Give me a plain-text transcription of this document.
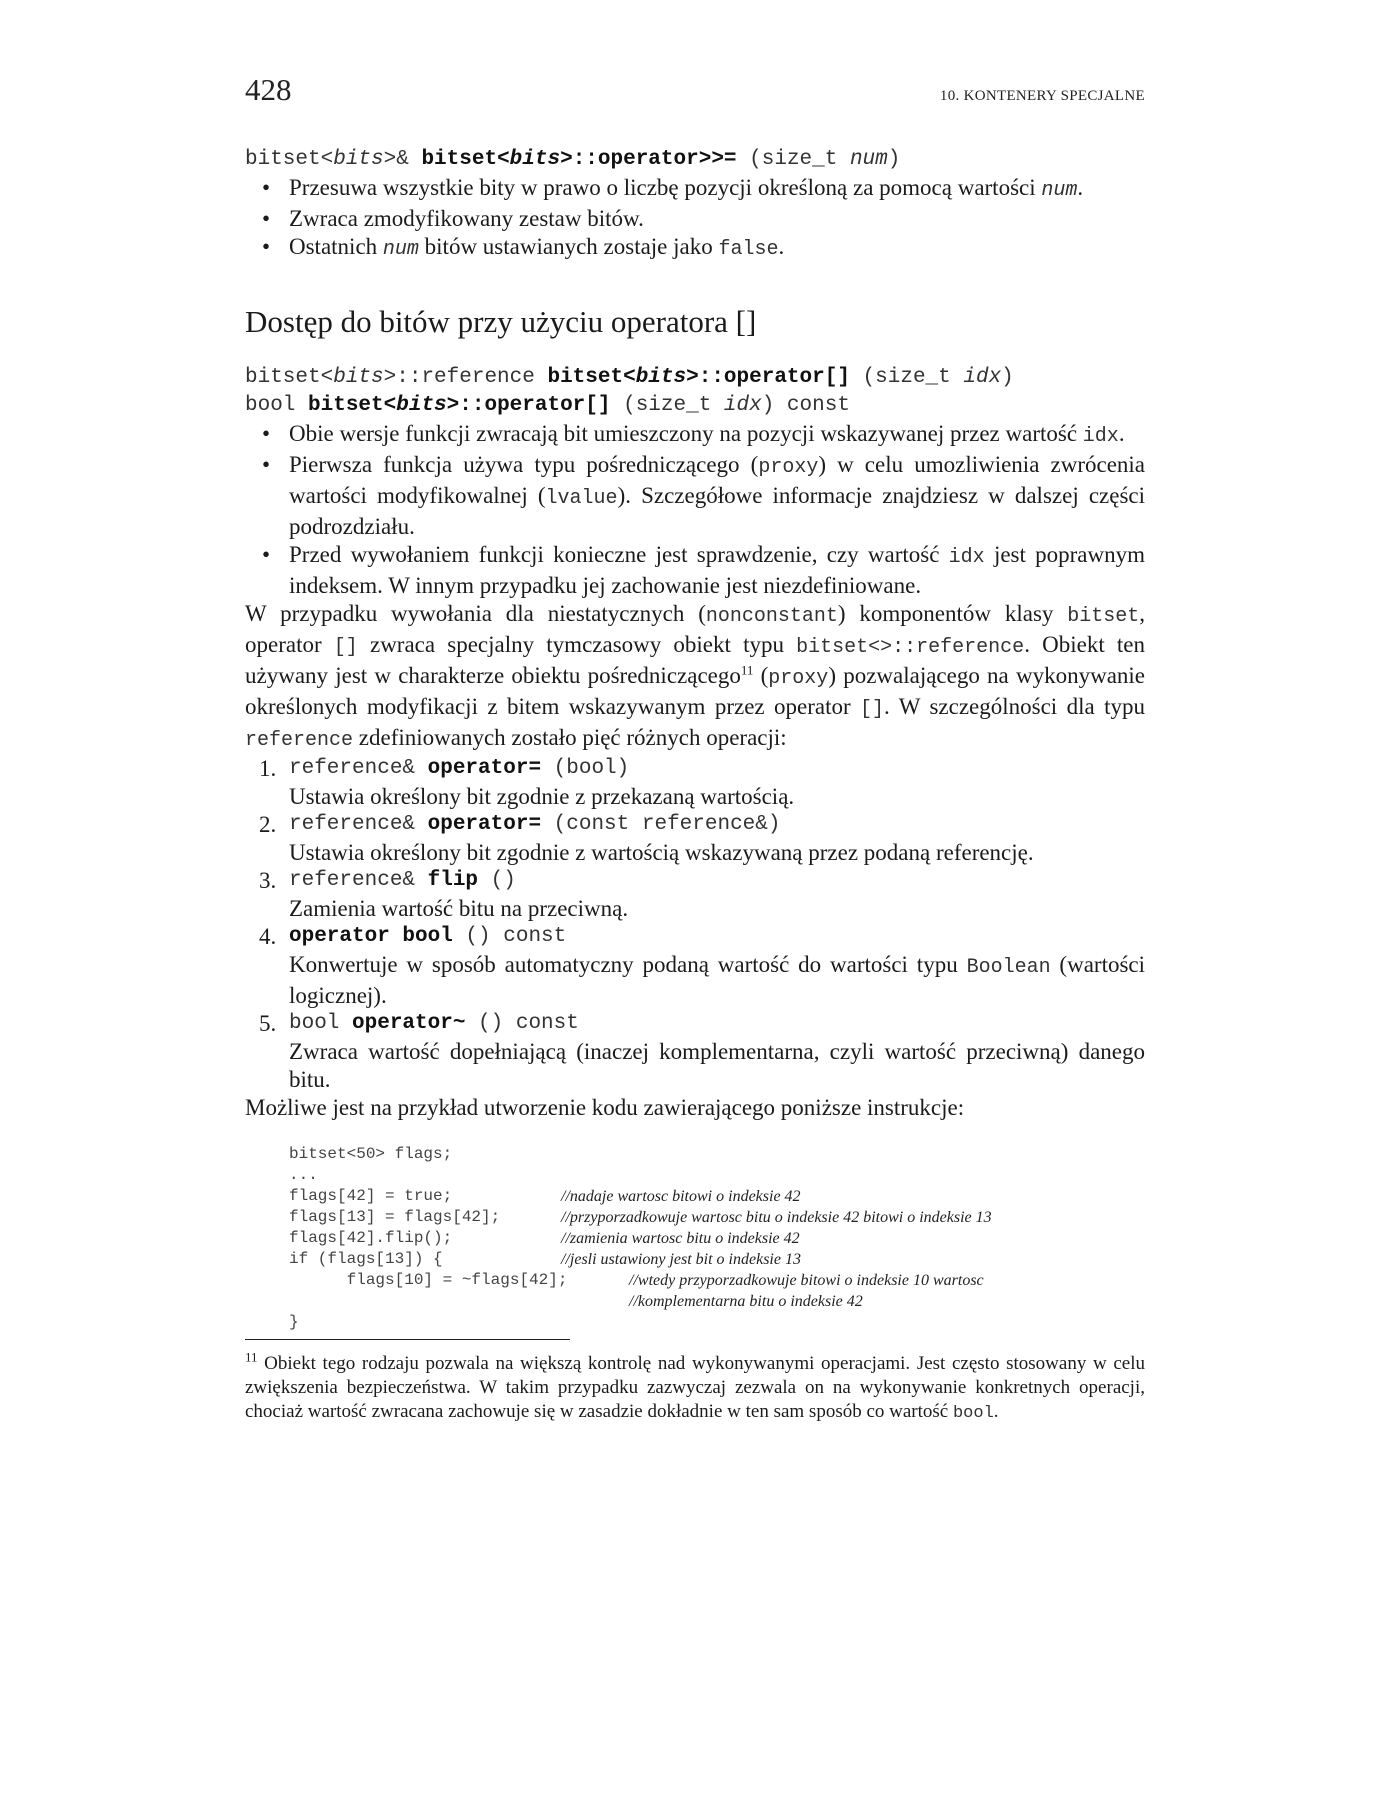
428	10. KONTENERY SPECJALNE
bitset<bits>& bitset<bits>::operator>>= (size_t num)
• Przesuwa wszystkie bity w prawo o liczbę pozycji określoną za pomocą wartości num.
• Zwraca zmodyfikowany zestaw bitów.
• Ostatnich num bitów ustawianych zostaje jako false.
Dostęp do bitów przy użyciu operatora []
bitset<bits>::reference bitset<bits>::operator[] (size_t idx)
bool bitset<bits>::operator[] (size_t idx) const
• Obie wersje funkcji zwracają bit umieszczony na pozycji wskazywanej przez wartość idx.
• Pierwsza funkcja używa typu pośredniczącego (proxy) w celu umozliwienia zwrócenia wartości modyfikowalnej (lvalue). Szczegółowe informacje znajdziesz w dalszej części podrozdziału.
• Przed wywołaniem funkcji konieczne jest sprawdzenie, czy wartość idx jest poprawnym indeksem. W innym przypadku jej zachowanie jest niezdefiniowane.

W przypadku wywołania dla niestatycznych (nonconstant) komponentów klasy bitset, operator [] zwraca specjalny tymczasowy obiekt typu bitset<>::reference. Obiekt ten używany jest w charakterze obiektu pośredniczącego$^{11}$ (proxy) pozwalającego na wykonywanie określonych modyfikacji z bitem wskazywanym przez operator []. W szczególności dla typu reference zdefiniowanych zostało pięć różnych operacji:

1. reference& operator= (bool)
Ustawia określony bit zgodnie z przekazaną wartością.
2. reference& operator= (const reference&)
Ustawia określony bit zgodnie z wartością wskazywaną przez podaną referencję.
3. reference& flip ()
Zamienia wartość bitu na przeciwną.
4. operator bool () const
Konwertuje w sposób automatyczny podaną wartość do wartości typu Boolean (wartości logicznej).
5. bool operator~ () const
Zwraca wartość dopełniającą (inaczej komplementarna, czyli wartość przeciwną) danego bitu.

Możliwe jest na przykład utworzenie kodu zawierającego poniższe instrukcje:

bitset<50> flags;
...
flags[42] = true;	//nadaje wartosc bitowi o indeksie 42
flags[13] = flags[42];	//przyporzadkowuje wartosc bitu o indeksie 42 bitowi o indeksie 13
flags[42].flip();	//zamienia wartosc bitu o indeksie 42
if (flags[13]) {	//jesli ustawiony jest bit o indeksie 13
flags[10] = ~flags[42];	//wtedy przyporzadkowuje bitowi o indeksie 10 wartosc
//komplementarna bitu o indeksie 42
}
$^{11}$ Obiekt tego rodzaju pozwala na większą kontrolę nad wykonywanymi operacjami. Jest często stosowany w celu zwiększenia bezpieczeństwa. W takim przypadku zazwyczaj zezwala on na wykonywanie konkretnych operacji, chociaż wartość zwracana zachowuje się w zasadzie dokładnie w ten sam sposób co wartość bool.
